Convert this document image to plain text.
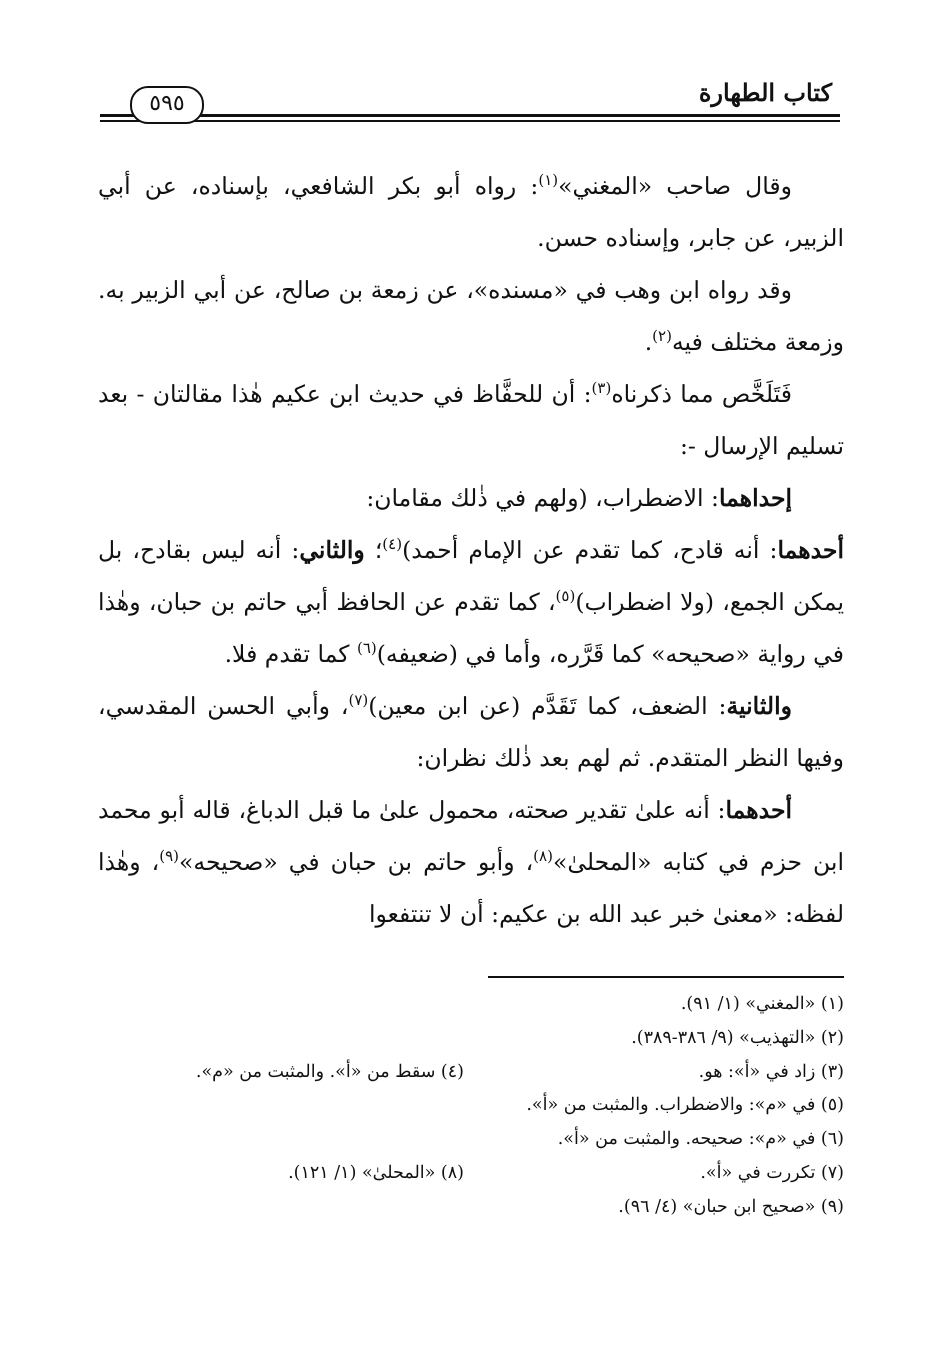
كتاب الطهارة
٥٩٥

وقال صاحب «المغني»$^{(١)}$: رواه أبو بكر الشافعي، بإسناده، عن أبي الزبير، عن جابر، وإسناده حسن.

وقد رواه ابن وهب في «مسنده»، عن زمعة بن صالح، عن أبي الزبير به. وزمعة مختلف فيه$^{(٢)}$.

فَتَلَخَّص مما ذكرناه$^{(٣)}$: أن للحفَّاظ في حديث ابن عكيم هٰذا مقالتان - بعد تسليم الإرسال -:

إحداهما: الاضطراب، (ولهم في ذٰلك مقامان:

أحدهما: أنه قادح، كما تقدم عن الإمام أحمد)$^{(٤)}$؛ والثاني: أنه ليس بقادح، بل يمكن الجمع، (ولا اضطراب)$^{(٥)}$، كما تقدم عن الحافظ أبي حاتم بن حبان، وهٰذا في رواية «صحيحه» كما قَرَّره، وأما في (ضعيفه)$^{(٦)}$ كما تقدم فلا.

والثانية: الضعف، كما تَقَدَّم (عن ابن معين)$^{(٧)}$، وأبي الحسن المقدسي، وفيها النظر المتقدم. ثم لهم بعد ذٰلك نظران:

أحدهما: أنه علىٰ تقدير صحته، محمول علىٰ ما قبل الدباغ، قاله أبو محمد ابن حزم في كتابه «المحلىٰ»$^{(٨)}$، وأبو حاتم بن حبان في «صحيحه»$^{(٩)}$، وهٰذا لفظه: «معنىٰ خبر عبد الله بن عكيم: أن لا تنتفعوا

(١) «المغني» (١/ ٩١).
(٢) «التهذيب» (٩/ ٣٨٦-٣٨٩).
(٣) زاد في «أ»: هو.
(٤) سقط من «أ». والمثبت من «م».
(٥) في «م»: والاضطراب. والمثبت من «أ».
(٦) في «م»: صحيحه. والمثبت من «أ».
(٧) تكررت في «أ».
(٨) «المحلىٰ» (١/ ١٢١).
(٩) «صحيح ابن حبان» (٤/ ٩٦).
